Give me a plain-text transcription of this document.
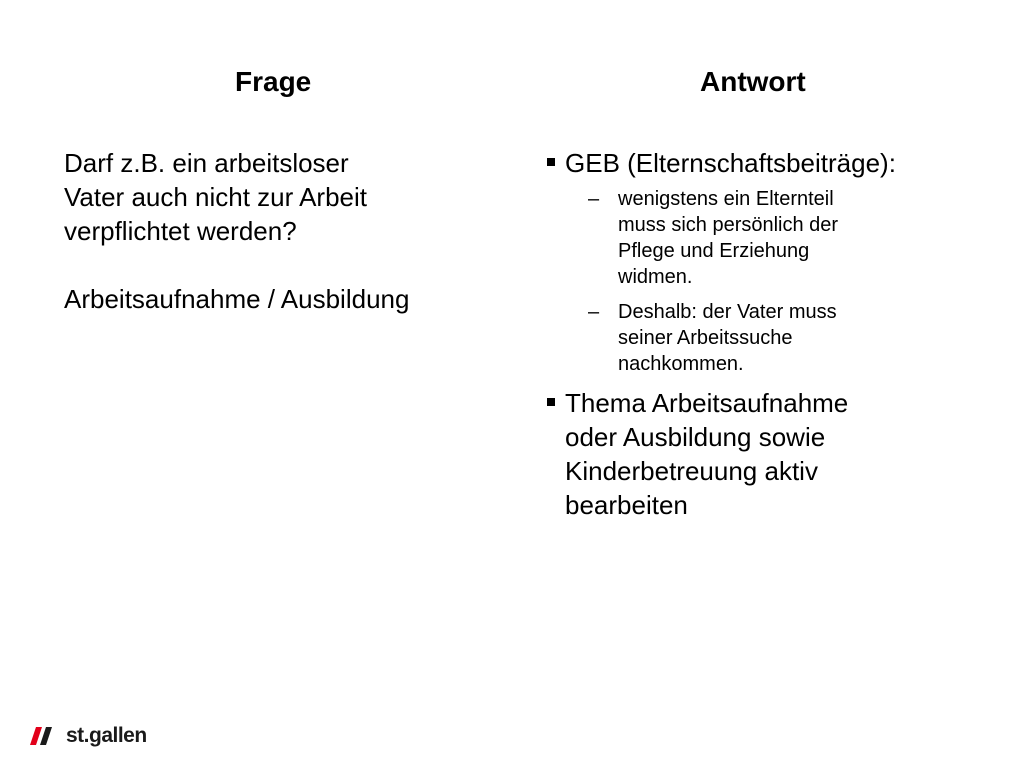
Frage	Antwort

Darf z.B. ein arbeitsloser
Vater auch nicht zur Arbeit
verpflichtet werden?

Arbeitsaufnahme / Ausbildung

GEB (Elternschaftsbeiträge):
– wenigstens ein Elternteil
muss sich persönlich der
Pflege und Erziehung
widmen.
– Deshalb: der Vater muss
seiner Arbeitssuche
nachkommen.
Thema Arbeitsaufnahme
oder Ausbildung sowie
Kinderbetreuung aktiv
bearbeiten
st.gallen
